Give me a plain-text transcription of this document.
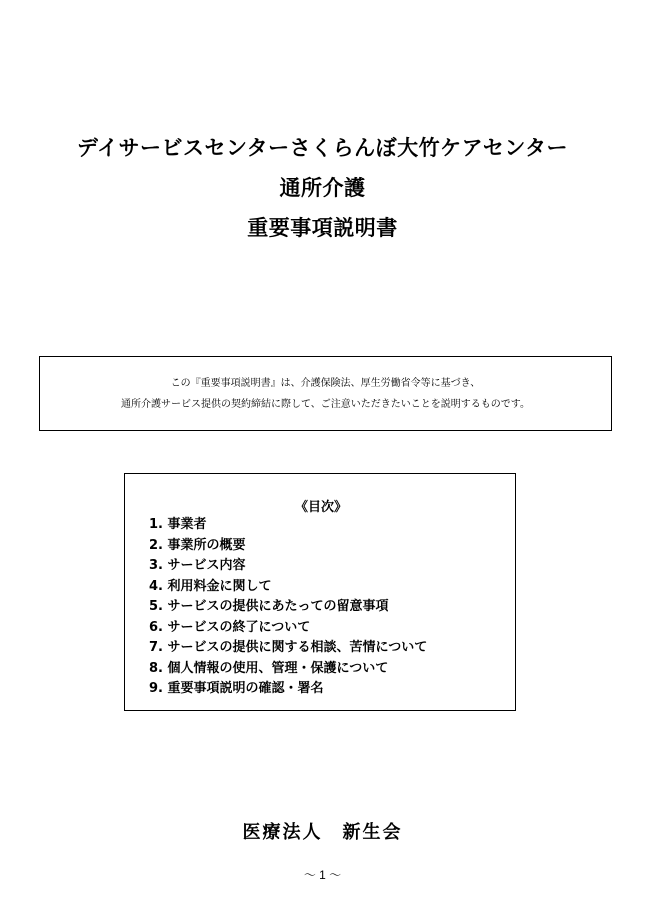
デイサービスセンターさくらんぼ大竹ケアセンター
通所介護
重要事項説明書
この『重要事項説明書』は、介護保険法、厚生労働省令等に基づき、
通所介護サービス提供の契約締結に際して、ご注意いただきたいことを説明するものです。
《目次》
1. 事業者
2. 事業所の概要
3. サービス内容
4. 利用料金に関して
5. サービスの提供にあたっての留意事項
6. サービスの終了について
7. サービスの提供に関する相談、苦情について
8. 個人情報の使用、管理・保護について
9. 重要事項説明の確認・署名
医療法人　新生会
～ 1 ～
